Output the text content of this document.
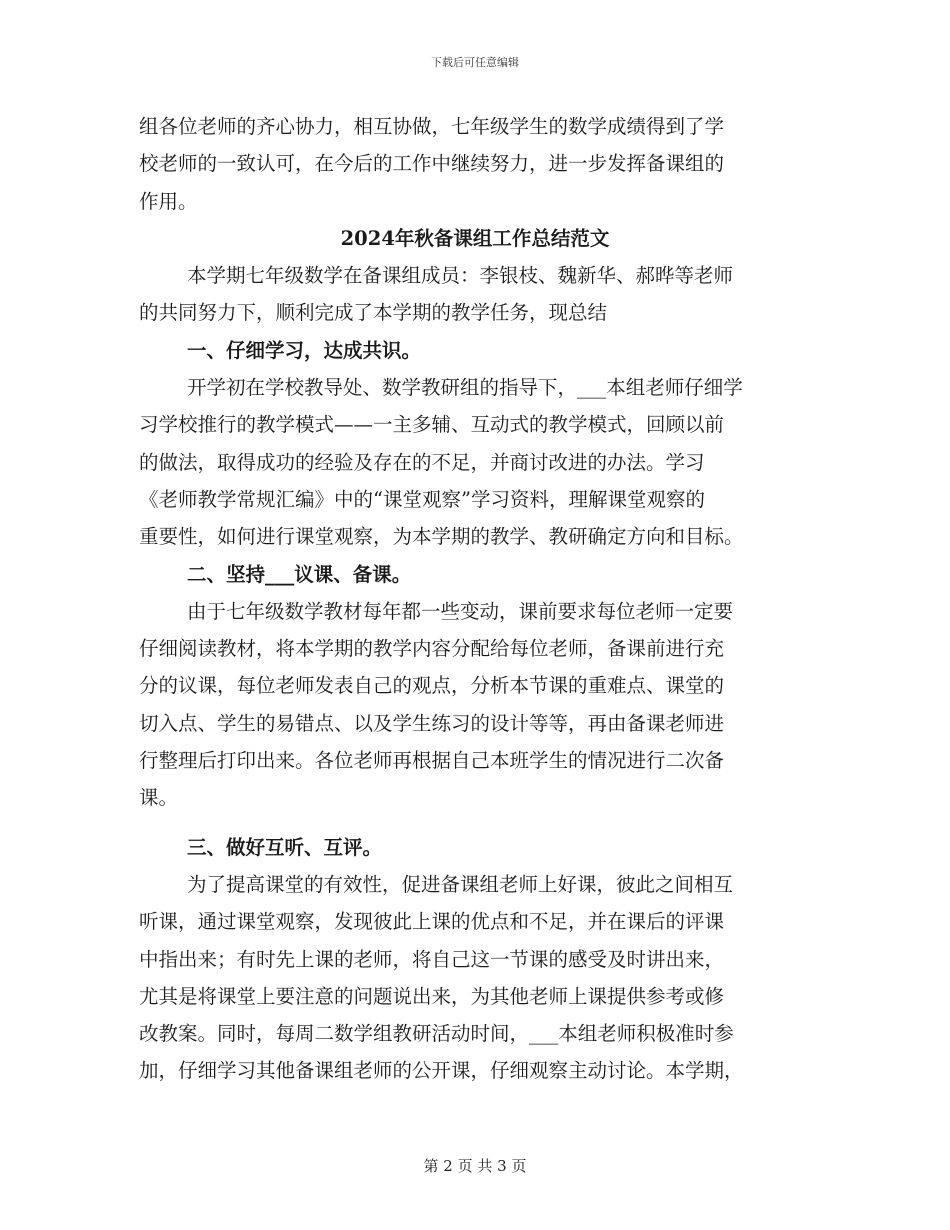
下载后可任意编辑
组各位老师的齐心协力，相互协做，七年级学生的数学成绩得到了学
校老师的一致认可，在今后的工作中继续努力，进一步发挥备课组的
作用。
2024年秋备课组工作总结范文
本学期七年级数学在备课组成员：李银枝、魏新华、郝晔等老师
的共同努力下，顺利完成了本学期的教学任务，现总结
一、仔细学习，达成共识。
开学初在学校教导处、数学教研组的指导下，___本组老师仔细学
习学校推行的教学模式——一主多辅、互动式的教学模式，回顾以前
的做法，取得成功的经验及存在的不足，并商讨改进的办法。学习
《老师教学常规汇编》中的“课堂观察”学习资料，理解课堂观察的
重要性，如何进行课堂观察，为本学期的教学、教研确定方向和目标。
二、坚持___议课、备课。
由于七年级数学教材每年都一些变动，课前要求每位老师一定要
仔细阅读教材，将本学期的教学内容分配给每位老师，备课前进行充
分的议课，每位老师发表自己的观点，分析本节课的重难点、课堂的
切入点、学生的易错点、以及学生练习的设计等等，再由备课老师进
行整理后打印出来。各位老师再根据自己本班学生的情况进行二次备
课。
三、做好互听、互评。
为了提高课堂的有效性，促进备课组老师上好课，彼此之间相互
听课，通过课堂观察，发现彼此上课的优点和不足，并在课后的评课
中指出来；有时先上课的老师，将自己这一节课的感受及时讲出来，
尤其是将课堂上要注意的问题说出来，为其他老师上课提供参考或修
改教案。同时，每周二数学组教研活动时间，___本组老师积极准时参
加，仔细学习其他备课组老师的公开课，仔细观察主动讨论。本学期，
第 2 页 共 3 页
